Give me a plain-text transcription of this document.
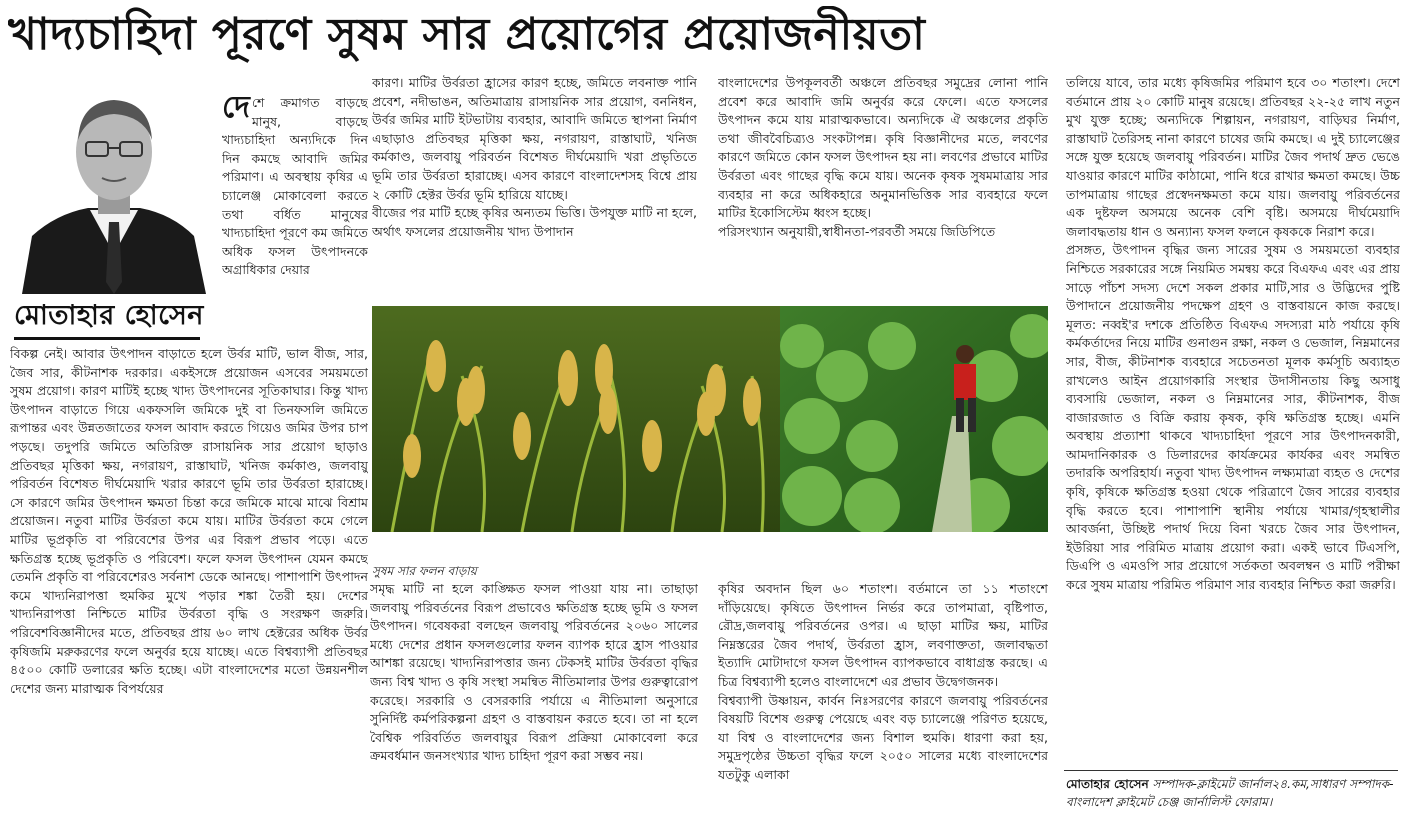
খাদ্যচাহিদা পূরণে সুষম সার প্রয়োগের প্রয়োজনীয়তা
মোতাহার হোসেন
দেশে ক্রমাগত বাড়ছে মানুষ, বাড়ছে খাদ্যচাহিদা অন্যদিকে দিন দিন কমছে আবাদি জমির পরিমাণ। এ অবস্থায় কৃষির এ চ্যালেঞ্জ মোকাবেলা করতে তথা বর্ধিত মানুষের খাদ্যচাহিদা পূরণে কম জমিতে অধিক ফসল উৎপাদনকে অগ্রাধিকার দেয়ার

বিকল্প নেই। আবার উৎপাদন বাড়াতে হলে উর্বর মাটি, ভাল বীজ, সার, জৈব সার, কীটনাশক দরকার। একইসঙ্গে প্রয়োজন এসবের সময়মতো সুষম প্রয়োগ। কারণ মাটিই হচ্ছে খাদ্য উৎপাদনের সূতিকাঘার। কিন্তু খাদ্য উৎপাদন বাড়াতে গিয়ে একফসলি জমিকে দুই বা তিনফসলি জমিতে রূপান্তর এবং উন্নতজাতের ফসল আবাদ করতে গিয়েও জমির উপর চাপ পড়ছে। তদুপরি জমিতে অতিরিক্ত রাসায়নিক সার প্রয়োগ ছাড়াও প্রতিবছর মৃত্তিকা ক্ষয়, নগরায়ণ, রাস্তাঘাট, খনিজ কর্মকাণ্ড, জলবায়ু পরিবর্তন বিশেষত দীর্ঘমেয়াদি খরার কারণে ভূমি তার উর্বরতা হারাচ্ছে। সে কারণে জমির উৎপাদন ক্ষমতা চিন্তা করে জমিকে মাঝে মাঝে বিশ্রাম প্রয়োজন। নতুবা মাটির উর্বরতা কমে যায়। মাটির উর্বরতা কমে গেলে মাটির ভূপ্রকৃতি বা পরিবেশের উপর এর বিরূপ প্রভাব পড়ে। এতে ক্ষতিগ্রস্ত হচ্ছে ভূপ্রকৃতি ও পরিবেশ। ফলে ফসল উৎপাদন যেমন কমছে তেমনি প্রকৃতি বা পরিবেশেরও সর্বনাশ ডেকে আনছে। পাশাপাশি উৎপাদন কমে খাদ্যনিরাপত্তা হুমকির মুখে পড়ার শঙ্কা তৈরী হয়। দেশের খাদ্যনিরাপত্তা নিশ্চিতে মাটির উর্বরতা বৃদ্ধি ও সংরক্ষণ জরুরি। পরিবেশবিজ্ঞানীদের মতে, প্রতিবছর প্রায় ৬০ লাখ হেক্টরের অধিক উর্বর কৃষিজমি মরুকরণের ফলে অনুর্বর হয়ে যাচ্ছে। এতে বিশ্বব্যাপী প্রতিবছর ৪৫০০ কোটি ডলারের ক্ষতি হচ্ছে। এটা বাংলাদেশের মতো উন্নয়নশীল দেশের জন্য মারাত্মক বিপর্যয়ের

কারণ। মাটির উর্বরতা হ্রাসের কারণ হচ্ছে, জমিতে লবনাক্ত পানি প্রবেশ, নদীভাঙন, অতিমাত্রায় রাসায়নিক সার প্রয়োগ, বননিধন, উর্বর জমির মাটি ইটভাটায় ব্যবহার, আবাদি জমিতে স্থাপনা নির্মাণ এছাড়াও প্রতিবছর মৃত্তিকা ক্ষয়, নগরায়ণ, রাস্তাঘাট, খনিজ কর্মকাণ্ড, জলবায়ু পরিবর্তন বিশেষত দীর্ঘমেয়াদি খরা প্রভৃতিতে ভূমি তার উর্বরতা হারাচ্ছে। এসব কারণে বাংলাদেশসহ বিশ্বে প্রায় ২ কোটি হেক্টর উর্বর ভূমি হারিয়ে যাচ্ছে।

বীজের পর মাটি হচ্ছে কৃষির অন্যতম ভিত্তি। উপযুক্ত মাটি না হলে, অর্থাৎ ফসলের প্রয়োজনীয় খাদ্য উপাদান

বাংলাদেশের উপকূলবর্তী অঞ্চলে প্রতিবছর সমুদ্রের লোনা পানি প্রবেশ করে আবাদি জমি অনুর্বর করে ফেলে। এতে ফসলের উৎপাদন কমে যায় মারাত্মকভাবে। অন্যদিকে ঐ অঞ্চলের প্রকৃতি তথা জীববৈচিত্র্যও সংকটাপন্ন। কৃষি বিজ্ঞানীদের মতে, লবণের কারণে জমিতে কোন ফসল উৎপাদন হয় না। লবণের প্রভাবে মাটির উর্বরতা এবং গাছের বৃদ্ধি কমে যায়। অনেক কৃষক সুষমমাত্রায় সার ব্যবহার না করে অধিকহারে অনুমানভিত্তিক সার ব্যবহারে ফলে মাটির ইকোসিস্টেম ধ্বংস হচ্ছে।

পরিসংখ্যান অনুযায়ী,স্বাধীনতা-পরবর্তী সময়ে জিডিপিতে

সুষম সার ফলন বাড়ায়

সমৃদ্ধ মাটি না হলে কাঙ্ক্ষিত ফসল পাওয়া যায় না। তাছাড়া জলবায়ু পরিবর্তনের বিরূপ প্রভাবেও ক্ষতিগ্রস্ত হচ্ছে ভূমি ও ফসল উৎপাদন। গবেষকরা বলছেন জলবায়ু পরিবর্তনের ২০৬০ সালের মধ্যে দেশের প্রধান ফসলগুলোর ফলন ব্যাপক হারে হ্রাস পাওয়ার আশঙ্কা রয়েছে। খাদ্যনিরাপত্তার জন্য টেকসই মাটির উর্বরতা বৃদ্ধির জন্য বিশ্ব খাদ্য ও কৃষি সংস্থা সমন্বিত নীতিমালার উপর গুরুত্বারোপ করেছে। সরকারি ও বেসরকারি পর্যায়ে এ নীতিমালা অনুসারে সুনির্দিষ্ট কর্মপরিকল্পনা গ্রহণ ও বাস্তবায়ন করতে হবে। তা না হলে বৈশ্বিক পরিবর্তিত জলবায়ুর বিরূপ প্রক্রিয়া মোকাবেলা করে ক্রমবর্ধমান জনসংখ্যার খাদ্য চাহিদা পূরণ করা সম্ভব নয়।

কৃষির অবদান ছিল ৬০ শতাংশ। বর্তমানে তা ১১ শতাংশে দাঁড়িয়েছে। কৃষিতে উৎপাদন নির্ভর করে তাপমাত্রা, বৃষ্টিপাত, রৌদ্র,জলবায়ু পরিবর্তনের ওপর। এ ছাড়া মাটির ক্ষয়, মাটির নিম্নস্তরের জৈব পদার্থ, উর্বরতা হ্রাস, লবণাক্ততা, জলাবদ্ধতা ইত্যাদি মোটাদাগে ফসল উৎপাদন ব্যাপকভাবে বাধাগ্রস্ত করছে। এ চিত্র বিশ্বব্যাপী হলেও বাংলাদেশে এর প্রভাব উদ্বেগজনক।

বিশ্বব্যাপী উষ্ণায়ন, কার্বন নিঃসরণের কারণে জলবায়ু পরিবর্তনের বিষয়টি বিশেষ গুরুত্ব পেয়েছে এবং বড় চ্যালেঞ্জে পরিণত হয়েছে, যা বিশ্ব ও বাংলাদেশের জন্য বিশাল হুমকি। ধারণা করা হয়, সমুদ্রপৃষ্ঠের উচ্চতা বৃদ্ধির ফলে ২০৫০ সালের মধ্যে বাংলাদেশের যতটুকু এলাকা

তলিয়ে যাবে, তার মধ্যে কৃষিজমির পরিমাণ হবে ৩০ শতাংশ। দেশে বর্তমানে প্রায় ২০ কোটি মানুষ রয়েছে। প্রতিবছর ২২-২৫ লাখ নতুন মুখ যুক্ত হচ্ছে; অন্যদিকে শিল্পায়ন, নগরায়ণ, বাড়িঘর নির্মাণ, রাস্তাঘাট তৈরিসহ নানা কারণে চাষের জমি কমছে। এ দুই চ্যালেঞ্জের সঙ্গে যুক্ত হয়েছে জলবায়ু পরিবর্তন। মাটির জৈব পদার্থ দ্রুত ভেঙে যাওয়ার কারণে মাটির কাঠামো, পানি ধরে রাখার ক্ষমতা কমছে। উচ্চ তাপমাত্রায় গাছের প্রস্বেদনক্ষমতা কমে যায়। জলবায়ু পরিবর্তনের এক দুষ্টফল অসময়ে অনেক বেশি বৃষ্টি। অসময়ে দীর্ঘমেয়াদি জলাবদ্ধতায় ধান ও অন্যান্য ফসল ফলনে কৃষককে নিরাশ করে।

প্রসঙ্গত, উৎপাদন বৃদ্ধির জন্য সারের সুষম ও সময়মতো ব্যবহার নিশ্চিতে সরকারের সঙ্গে নিয়মিত সমন্বয় করে বিএফএ এবং এর প্রায় সাড়ে পাঁচশ সদস্য দেশে সকল প্রকার মাটি,সার ও উদ্ভিদের পুষ্টি উপাদানে প্রয়োজনীয় পদক্ষেপ গ্রহণ ও বাস্তবায়নে কাজ করছে। মূলত: নব্বই'র দশকে প্রতিষ্ঠিত বিএফএ সদস্যরা মাঠ পর্যায়ে কৃষি কর্মকর্তাদের নিয়ে মাটির গুনাগুন রক্ষা, নকল ও ভেজাল, নিম্নমানের সার, বীজ, কীটনাশক ব্যবহারে সচেতনতা মূলক কর্মসূচি অব্যাহত রাখলেও আইন প্রয়োগকারি সংস্থার উদাসীনতায় কিছু অসাধু ব্যবসায়ি ভেজাল, নকল ও নিম্নমানের সার, কীটনাশক, বীজ বাজারজাত ও বিক্রি করায় কৃষক, কৃষি ক্ষতিগ্রস্ত হচ্ছে। এমনি অবস্থায় প্রত্যাশা থাকবে খাদ্যচাহিদা পূরণে সার উৎপাদনকারী, আমদানিকারক ও ডিলারদের কার্যক্রমের কার্যকর এবং সমন্বিত তদারকি অপরিহার্য। নতুবা খাদ্য উৎপাদন লক্ষ্যমাত্রা ব্যহত ও দেশের কৃষি, কৃষিকে ক্ষতিগ্রস্ত হওয়া থেকে পরিত্রাণে জৈব সারের ব্যবহার বৃদ্ধি করতে হবে। পাশাপাশি স্থানীয় পর্যায়ে খামার/গৃহস্থালীর আবর্জনা, উচ্ছিষ্ট পদার্থ দিয়ে বিনা খরচে জৈব সার উৎপাদন, ইউরিয়া সার পরিমিত মাত্রায় প্রয়োগ করা। একই ভাবে টিএসপি, ডিএপি ও এমওপি সার প্রয়োগে সর্তকতা অবলম্বন ও মাটি পরীক্ষা করে সুষম মাত্রায় পরিমিত পরিমাণ সার ব্যবহার নিশ্চিত করা জরুরি।

মোতাহার হোসেন সম্পাদক-ক্লাইমেট জার্নাল২৪.কম,সাধারণ সম্পাদক-বাংলাদেশ ক্লাইমেট চেঞ্জ জার্নালিস্ট ফোরাম।
